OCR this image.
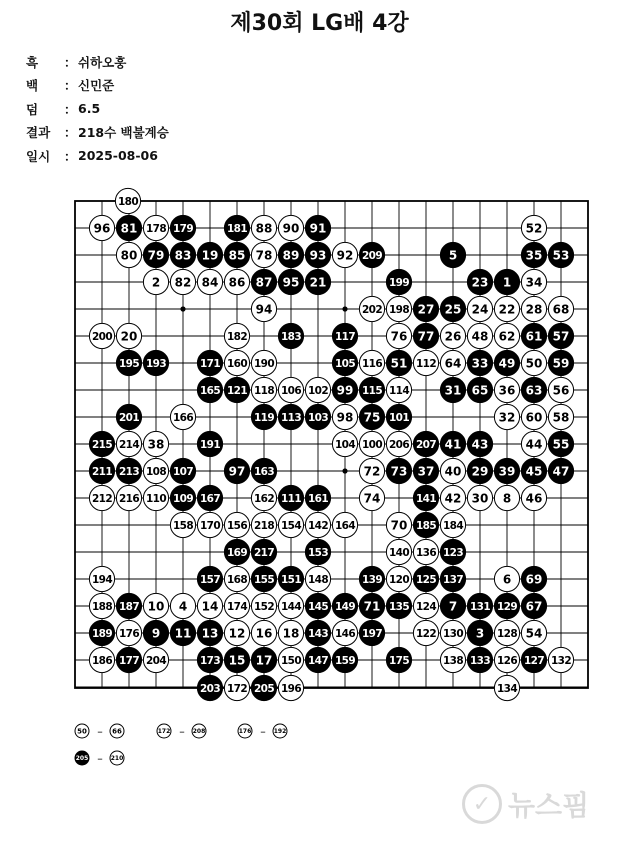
제30회 LG배 4강
흑	： 쉬하오훙
백	： 신민준
덤	： 6.5
결과	： 218수 백불계승
일시	： 2025-08-06
96 81 178 179	181 88 90 91	52
80 79 83 19 85 78 89 93 92 209	5	35 53
2 82 84 86 87 95 21	199	23 1 34
94	202 198 27 25 24 22 28 68
200 20	182	183	117	76 77 26 48 62 61 57
195 193	171 160 190	105 116 51 112 64 33 49 50 59
165 121 118 106 102 99 115 114	31 65 36 63 56
201	166	119 113 103 98 75 101	32 60 58
215 214 38	191	104 100 206 207 41 43	44 55
211 213 108 107	97 163	72 73 37 40 29 39 45 47
212 216 110 109 167	162 111 161	74	141 42 30 8 46
158 170 156 218 154 142 164	70 185 184
169 217	153	140 136 123
194	157 168 155 151 148	139 120 125 137	6 69
188 187 10 4 14 174 152 144 145 149 71 135 124 7 131 129 67
189 176 9 11 13 12 16 18 143 146 197	122 130 3 128 54
186 177 204	173 15 17 150 147 159	175	138 133 126 127 132
180
203 172 205 196	134
50 – 66	172 – 208	176 – 192
205 – 210
✓ 뉴스핌
